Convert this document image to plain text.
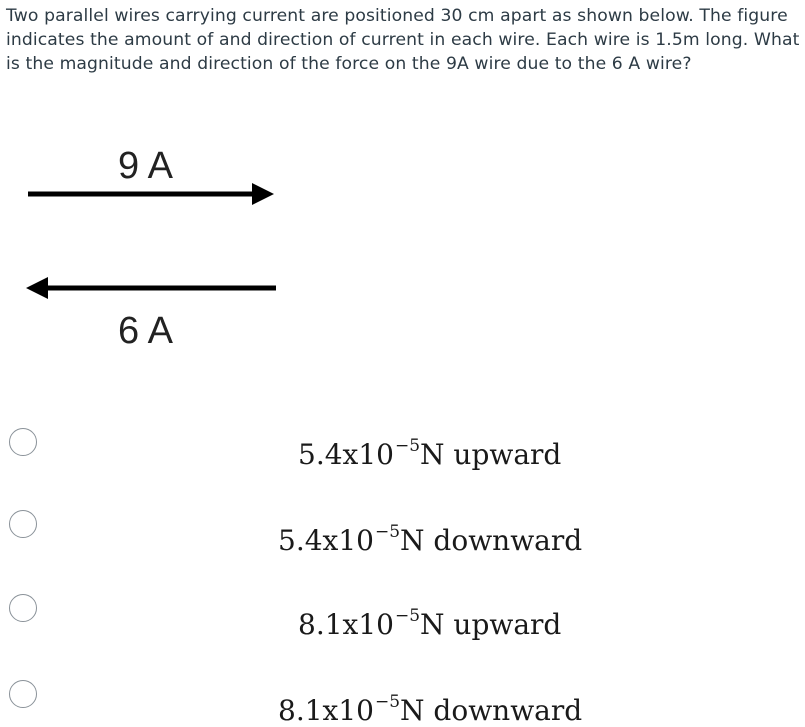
Two parallel wires carrying current are positioned 30 cm apart as shown below. The figure indicates the amount of and direction of current in each wire. Each wire is 1.5m long. What is the magnitude and direction of the force on the 9A wire due to the 6 A wire?

9 A
6 A
$5.4x10^{-5}N$ upward
$5.4x10^{-5}N$ downward
$8.1x10^{-5}N$ upward
$8.1x10^{-5}N$ downward
